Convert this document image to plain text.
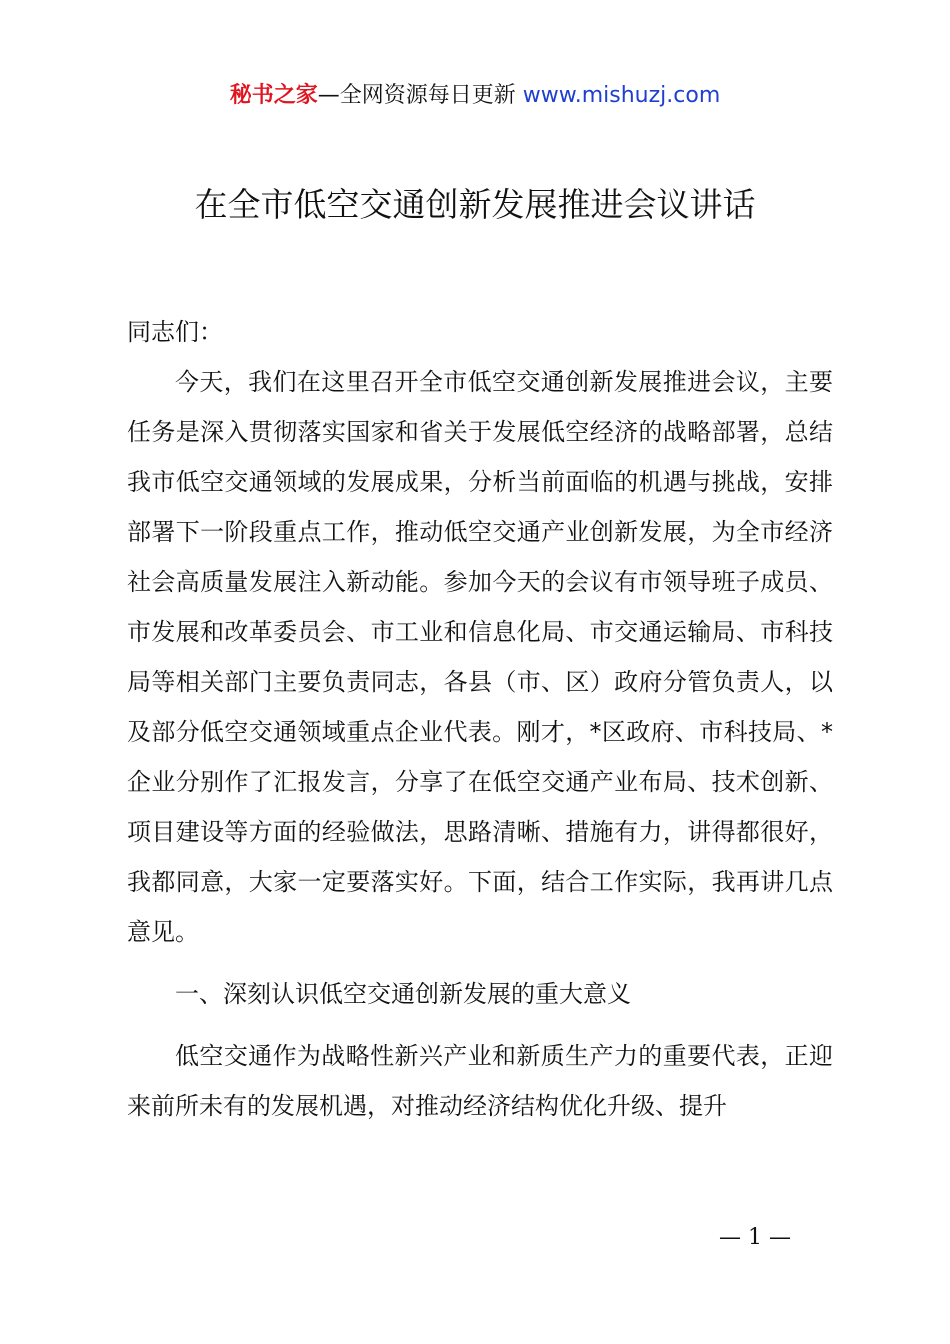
秘书之家—全网资源每日更新 www.mishuzj.com
在全市低空交通创新发展推进会议讲话

同志们：

今天，我们在这里召开全市低空交通创新发展推进会议，主要任务是深入贯彻落实国家和省关于发展低空经济的战略部署，总结我市低空交通领域的发展成果，分析当前面临的机遇与挑战，安排部署下一阶段重点工作，推动低空交通产业创新发展，为全市经济社会高质量发展注入新动能。参加今天的会议有市领导班子成员、市发展和改革委员会、市工业和信息化局、市交通运输局、市科技局等相关部门主要负责同志，各县（市、区）政府分管负责人，以及部分低空交通领域重点企业代表。刚才，*区政府、市科技局、*企业分别作了汇报发言，分享了在低空交通产业布局、技术创新、项目建设等方面的经验做法，思路清晰、措施有力，讲得都很好，我都同意，大家一定要落实好。下面，结合工作实际，我再讲几点意见。

一、深刻认识低空交通创新发展的重大意义

低空交通作为战略性新兴产业和新质生产力的重要代表，正迎来前所未有的发展机遇，对推动经济结构优化升级、提升

— 1 —
